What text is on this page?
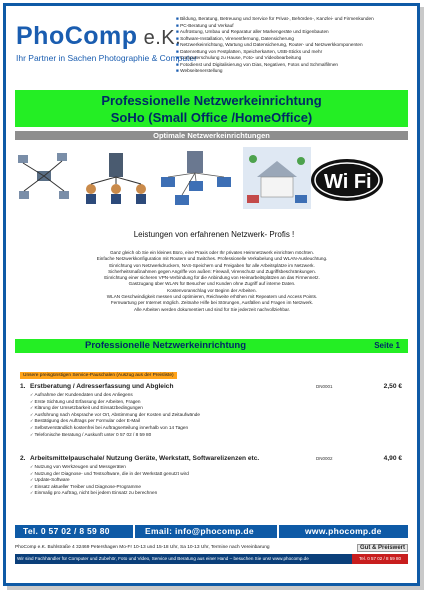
PhoComp e.K.
Ihr Partner in Sachen Photographie & Computer
■ Bildung, Beratung, Betreuung und Service für Privat-, Behörden-, Kanzlei- und Firmenkunden
■ PC-Beratung und Verkauf
■ Aufrüstung, Umbau und Reparatur aller Markengeräte und Eigenbauten
■ Software-Installation, Virenentfernung, Datensicherung
■ Netzwerkeinrichtung, Wartung und Datensicherung, Router- und Netzwerkkomponenten
■ Datenrettung von Festplatten, Speicherkarten, USB-Sticks und mehr
■ Computerschulung zu Hause, Foto- und Videobearbeitung
■ Fotodienst und Digitalisierung von Dias, Negativen, Fotos und Schmalfilmen
■ Webseitenerstellung
Professionelle Netzwerkeinrichtung
SoHo (Small Office /HomeOffice)
Optimale Netzwerkeinrichtungen
Wi Fi
Leistungen von erfahrenen Netzwerk- Profis !
Ganz gleich ob Sie ein kleines Büro, eine Praxis oder Ihr privates Heimnetzwerk einrichten möchten.
Einfache Netzwerkkonfiguration mit Routern und Switches. Professionelle Verkabelung und WLAN-Ausleuchtung.
Einrichtung von Netzwerkdruckern, NAS-Speichern und Freigaben für alle Arbeitsplätze im Netzwerk.
Sicherheitsmaßnahmen gegen Angriffe von außen: Firewall, Virenschutz und Zugriffsbeschränkungen.
Einrichtung einer sicheren VPN-Verbindung für die Anbindung von Heimarbeitsplätzen an das Firmennetz.
Gastzugang über WLAN für Besucher und Kunden ohne Zugriff auf interne Daten.
Kostenvoranschlag vor Beginn der Arbeiten.
WLAN Geschwindigkeit messen und optimieren, Reichweite erhöhen mit Repeatern und Access Points.
Fernwartung per Internet möglich. Zeitnahe Hilfe bei Störungen, Ausfällen und Fragen im Netzwerk.
Alle Arbeiten werden dokumentiert und sind für Sie jederzeit nachvollziehbar.
Professionelle Netzwerkeinrichtung	Seite 1
Unsere preisgünstigen Service-Pauschalen (Auszug aus der Preisliste)
1. Erstberatung / Adresserfassung und Abgleich	DN0001	2,50 €
✓ Aufnahme der Kundendaten und des Anliegens
✓ Erste Sichtung und Erfassung der Arbeiten, Fragen
✓ Klärung der Umsetzbarkeit und Einsatzbedingungen
✓ Ausführung nach Absprache vor Ort, Abstimmung der Kosten und Zeitaufwände
✓ Bestätigung des Auftrags per Formular oder E-Mail
✓ Selbstverständlich kostenfrei bei Auftragserteilung innerhalb von 14 Tagen
✓ Telefonische Beratung / Auskunft unter 0 57 02 / 8 59 80
2. Arbeitsmittelpauschale/ Nutzung Geräte, Werkstatt, Softwarelizenzen etc.	DN0002	4,90 €
✓ Nutzung von Werkzeugen und Messgeräten
✓ Nutzung der Diagnose- und Testsoftware, die in der Werkstatt genutzt wird
✓ Update-Software
✓ Einsatz aktueller Treiber und Diagnose-Programme
✓ Einmalig pro Auftrag, nicht bei jedem Einsatz zu berechnen
Tel. 0 57 02 / 8 59 80	Email: info@phocomp.de	www.phocomp.de
PhoComp e.K. Buhlstraße 4 32469 Petershagen Mo-Fr 10-13 und 15-18 Uhr, Sa 10-13 Uhr, Termine nach Vereinbarung	Gut & Preiswert
Wir sind Fachhändler für Computer und Zubehör, Foto und Video, Service und Beratung aus einer Hand – besuchen Sie uns! www.phocomp.de	Tel. 0 57 02 / 8 59 80
